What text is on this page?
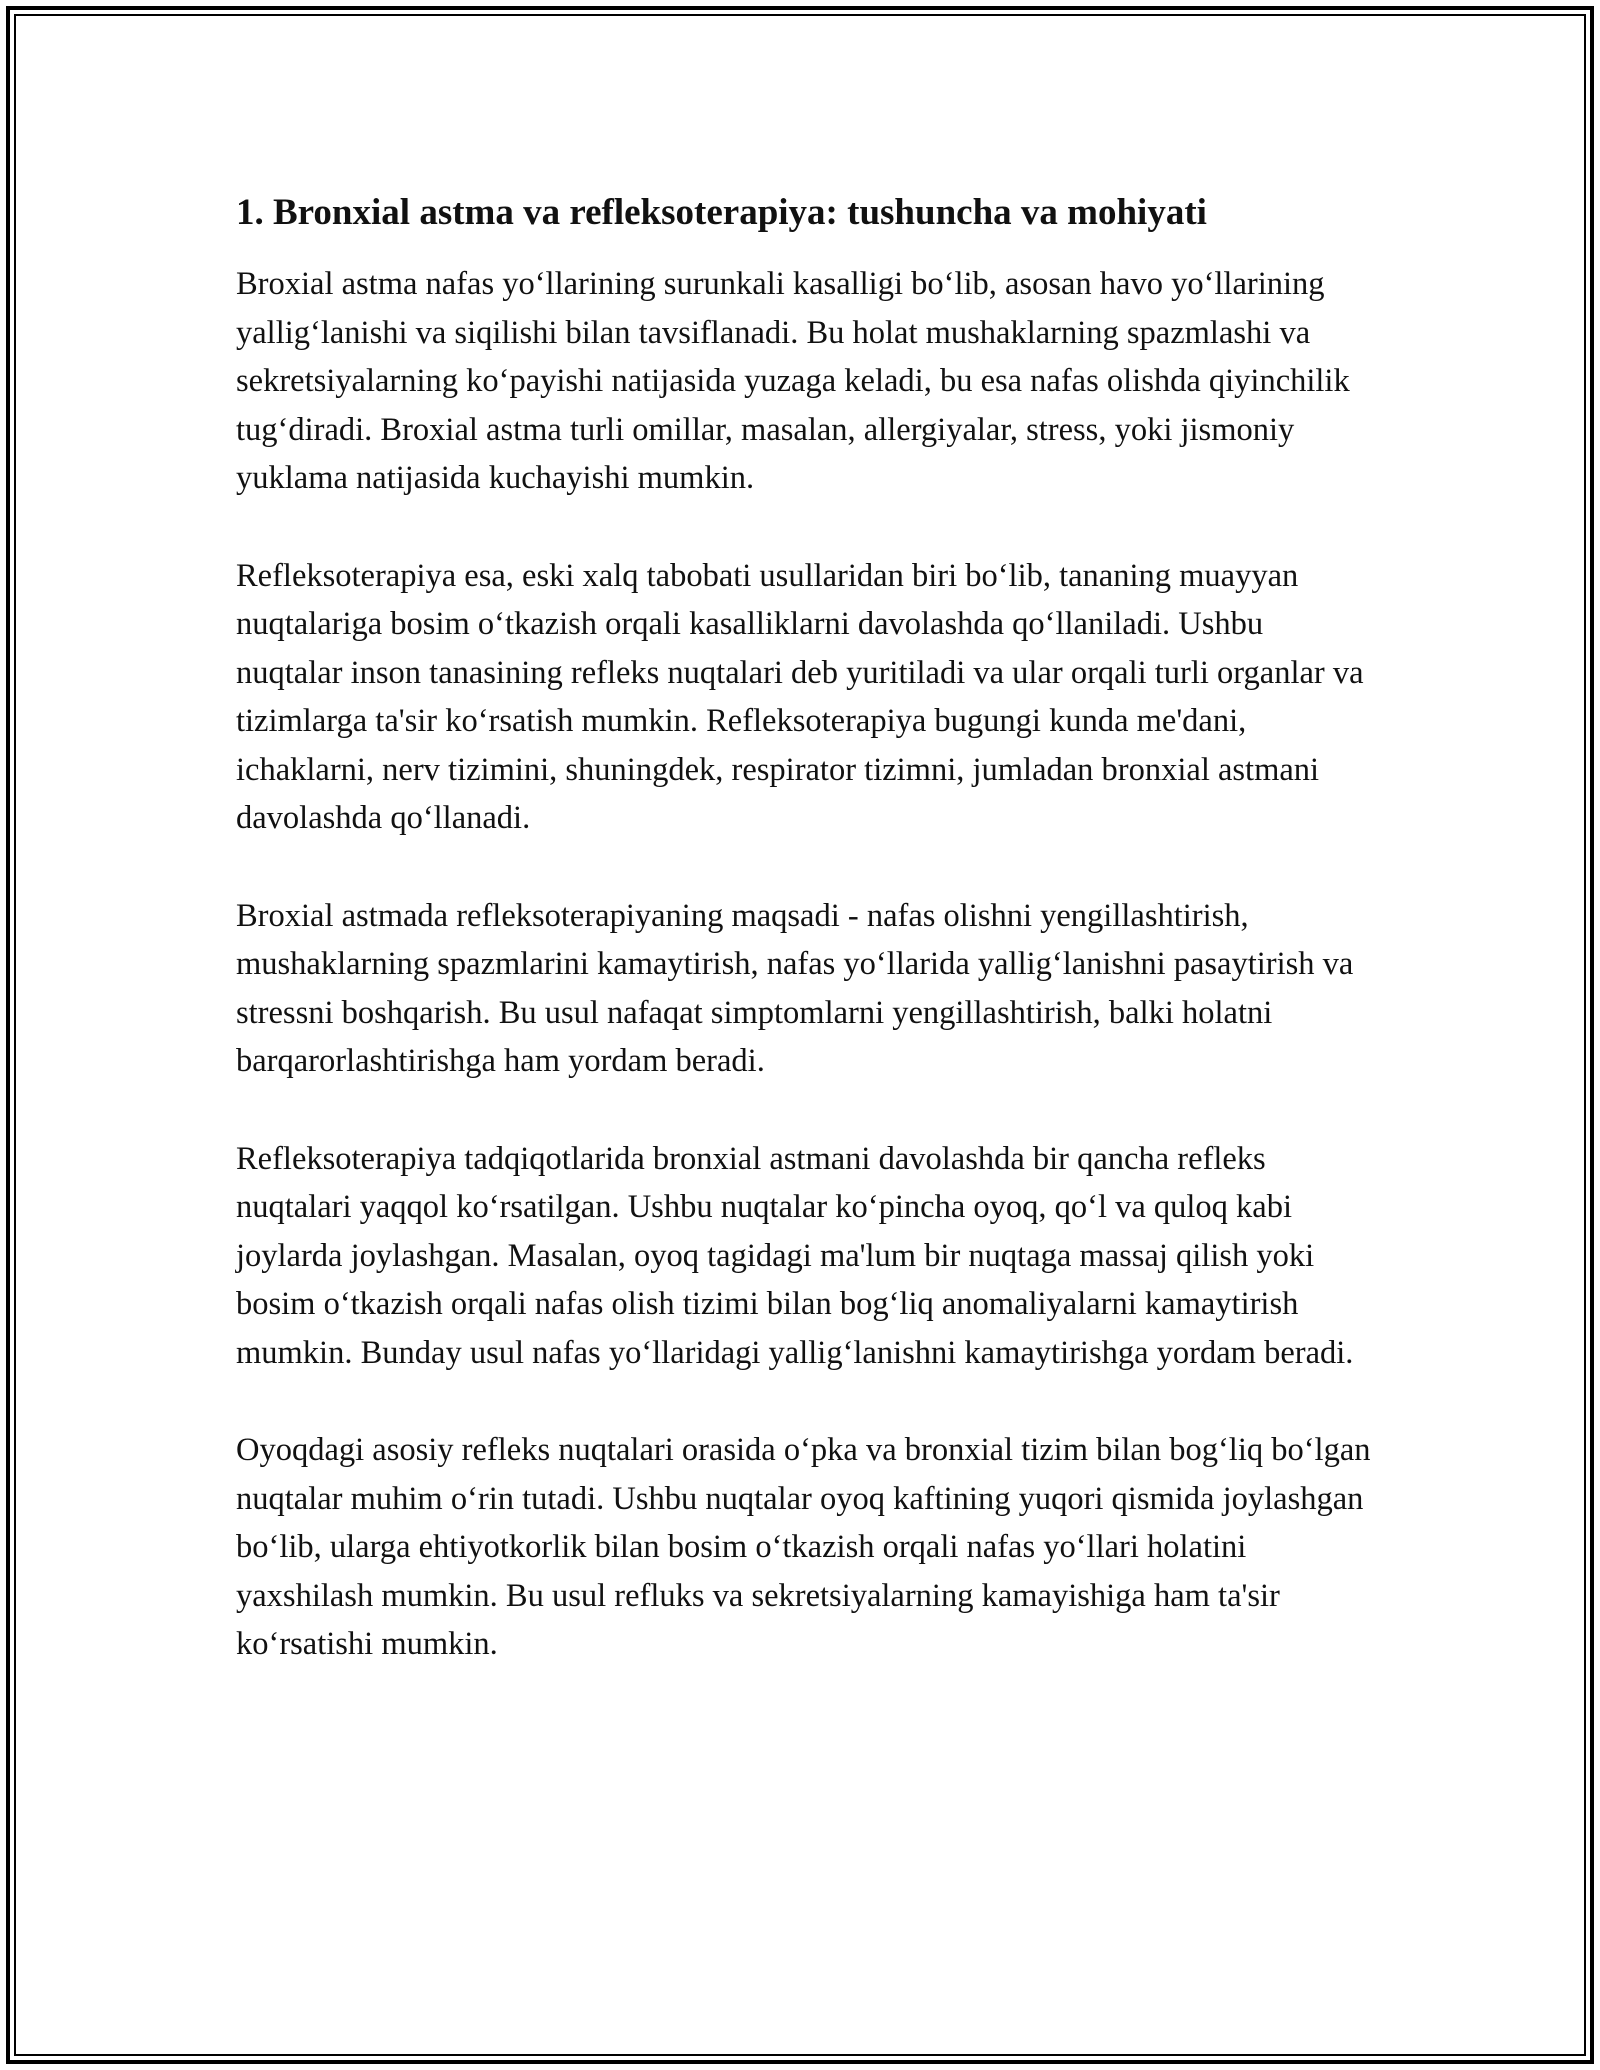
1. Bronxial astma va refleksoterapiya: tushuncha va mohiyati

Broxial astma nafas yo‘llarining surunkali kasalligi bo‘lib, asosan havo yo‘llarining yallig‘lanishi va siqilishi bilan tavsiflanadi. Bu holat mushaklarning spazmlashi va sekretsiyalarning ko‘payishi natijasida yuzaga keladi, bu esa nafas olishda qiyinchilik tug‘diradi. Broxial astma turli omillar, masalan, allergiyalar, stress, yoki jismoniy yuklama natijasida kuchayishi mumkin.

Refleksoterapiya esa, eski xalq tabobati usullaridan biri bo‘lib, tananing muayyan nuqtalariga bosim o‘tkazish orqali kasalliklarni davolashda qo‘llaniladi. Ushbu nuqtalar inson tanasining refleks nuqtalari deb yuritiladi va ular orqali turli organlar va tizimlarga ta'sir ko‘rsatish mumkin. Refleksoterapiya bugungi kunda me'dani, ichaklarni, nerv tizimini, shuningdek, respirator tizimni, jumladan bronxial astmani davolashda qo‘llanadi.

Broxial astmada refleksoterapiyaning maqsadi - nafas olishni yengillashtirish, mushaklarning spazmlarini kamaytirish, nafas yo‘llarida yallig‘lanishni pasaytirish va stressni boshqarish. Bu usul nafaqat simptomlarni yengillashtirish, balki holatni barqarorlashtirishga ham yordam beradi.

Refleksoterapiya tadqiqotlarida bronxial astmani davolashda bir qancha refleks nuqtalari yaqqol ko‘rsatilgan. Ushbu nuqtalar ko‘pincha oyoq, qo‘l va quloq kabi joylarda joylashgan. Masalan, oyoq tagidagi ma'lum bir nuqtaga massaj qilish yoki bosim o‘tkazish orqali nafas olish tizimi bilan bog‘liq anomaliyalarni kamaytirish mumkin. Bunday usul nafas yo‘llaridagi yallig‘lanishni kamaytirishga yordam beradi.

Oyoqdagi asosiy refleks nuqtalari orasida o‘pka va bronxial tizim bilan bog‘liq bo‘lgan nuqtalar muhim o‘rin tutadi. Ushbu nuqtalar oyoq kaftining yuqori qismida joylashgan bo‘lib, ularga ehtiyotkorlik bilan bosim o‘tkazish orqali nafas yo‘llari holatini yaxshilash mumkin. Bu usul refluks va sekretsiyalarning kamayishiga ham ta'sir ko‘rsatishi mumkin.
